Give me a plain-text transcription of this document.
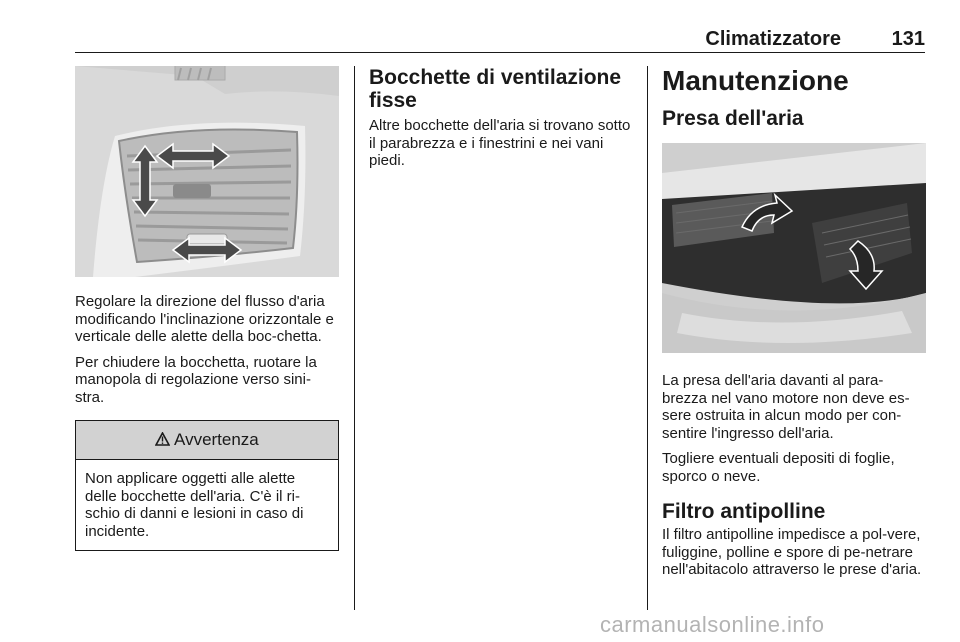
Climatizzatore	131

Regolare la direzione del flusso d'aria modificando l'inclinazione orizzontale e verticale delle alette della boc-chetta.

Per chiudere la bocchetta, ruotare la manopola di regolazione verso sini-stra.

Avvertenza

Non applicare oggetti alle alette delle bocchette dell'aria. C'è il ri-schio di danni e lesioni in caso di incidente.

Bocchette di ventilazione fisse

Altre bocchette dell'aria si trovano sotto il parabrezza e i finestrini e nei vani piedi.

Manutenzione
Presa dell'aria

La presa dell'aria davanti al para-brezza nel vano motore non deve es-sere ostruita in alcun modo per con-sentire l'ingresso dell'aria.

Togliere eventuali depositi di foglie, sporco o neve.

Filtro antipolline

Il filtro antipolline impedisce a pol-vere, fuliggine, polline e spore di pe-netrare nell'abitacolo attraverso le prese d'aria.

carmanualsonline.info
